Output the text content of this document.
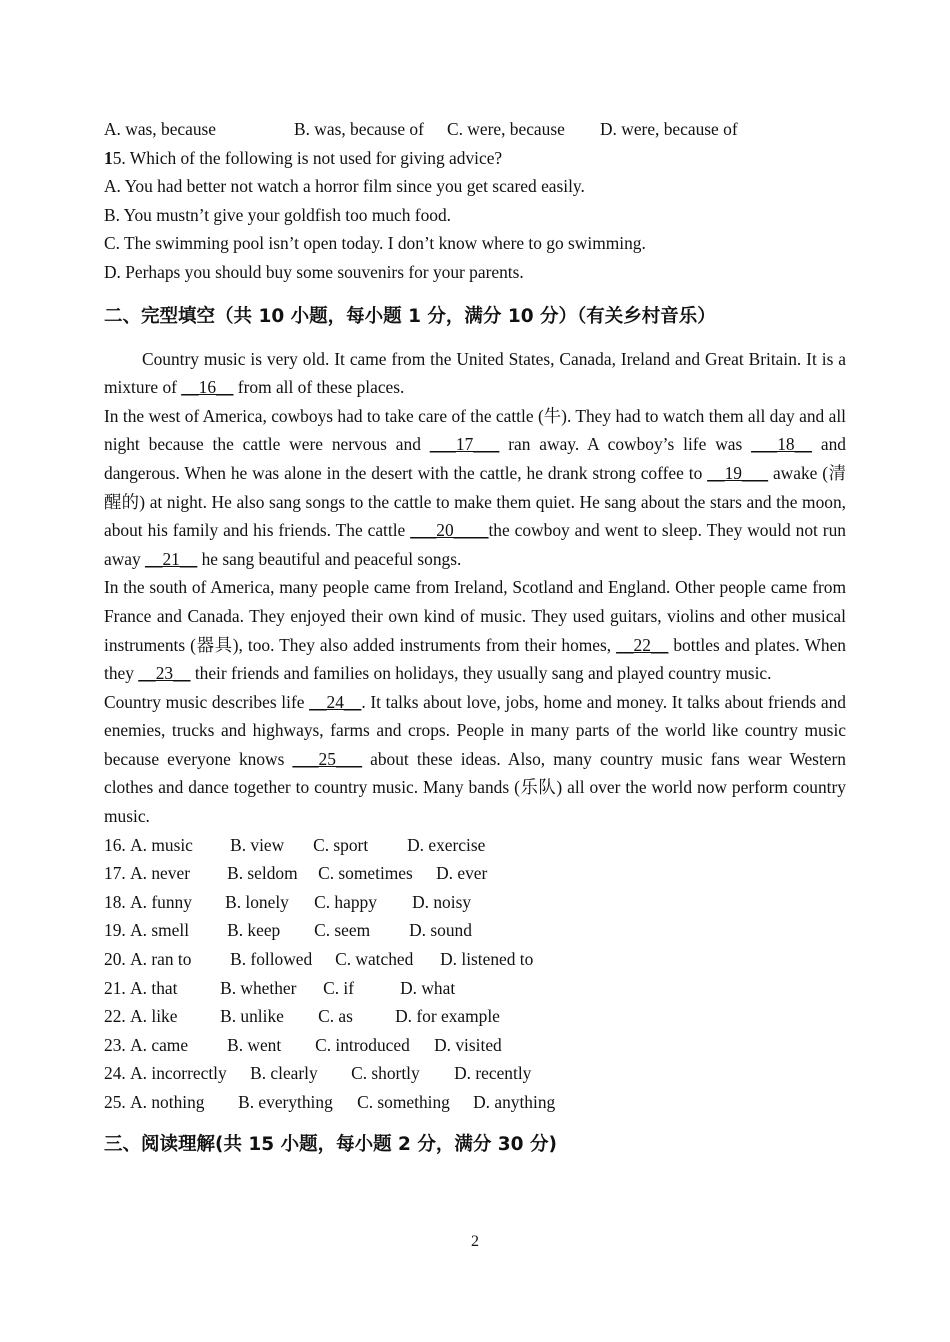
A. was, because	B. was, because of C. were, because D. were, because of
15. Which of the following is not used for giving advice?
A. You had better not watch a horror film since you get scared easily.
B. You mustn’t give your goldfish too much food.
C. The swimming pool isn’t open today. I don’t know where to go swimming.
D. Perhaps you should buy some souvenirs for your parents.
二、完型填空（共 10 小题，每小题 1 分，满分 10 分）（有关乡村音乐）
Country music is very old. It came from the United States, Canada, Ireland and Great Britain. It is a mixture of __16__ from all of these places.
In the west of America, cowboys had to take care of the cattle (牛). They had to watch them all day and all night because the cattle were nervous and ___17___ ran away. A cowboy’s life was ___18__ and dangerous. When he was alone in the desert with the cattle, he drank strong coffee to __19___ awake (清醒的) at night. He also sang songs to the cattle to make them quiet. He sang about the stars and the moon, about his family and his friends. The cattle ___20____the cowboy and went to sleep. They would not run away __21__ he sang beautiful and peaceful songs.
In the south of America, many people came from Ireland, Scotland and England. Other people came from France and Canada. They enjoyed their own kind of music. They used guitars, violins and other musical instruments (器具), too. They also added instruments from their homes, __22__ bottles and plates. When they __23__ their friends and families on holidays, they usually sang and played country music.
Country music describes life __24__. It talks about love, jobs, home and money. It talks about friends and enemies, trucks and highways, farms and crops. People in many parts of the world like country music because everyone knows ___25___ about these ideas. Also, many country music fans wear Western clothes and dance together to country music. Many bands (乐队) all over the world now perform country music.
16. A. music B. view C. sport D. exercise
17. A. never B. seldom C. sometimes D. ever
18. A. funny B. lonely C. happy D. noisy
19. A. smell B. keep C. seem D. sound
20. A. ran to B. followed C. watched D. listened to
21. A. that B. whether C. if	D. what
22. A. like B. unlike C. as D. for example
23. A. came B. went C. introduced D. visited
24. A. incorrectly B. clearly C. shortly D. recently
25. A. nothing B. everything C. something D. anything
三、阅读理解(共 15 小题，每小题 2 分，满分 30 分)
2
